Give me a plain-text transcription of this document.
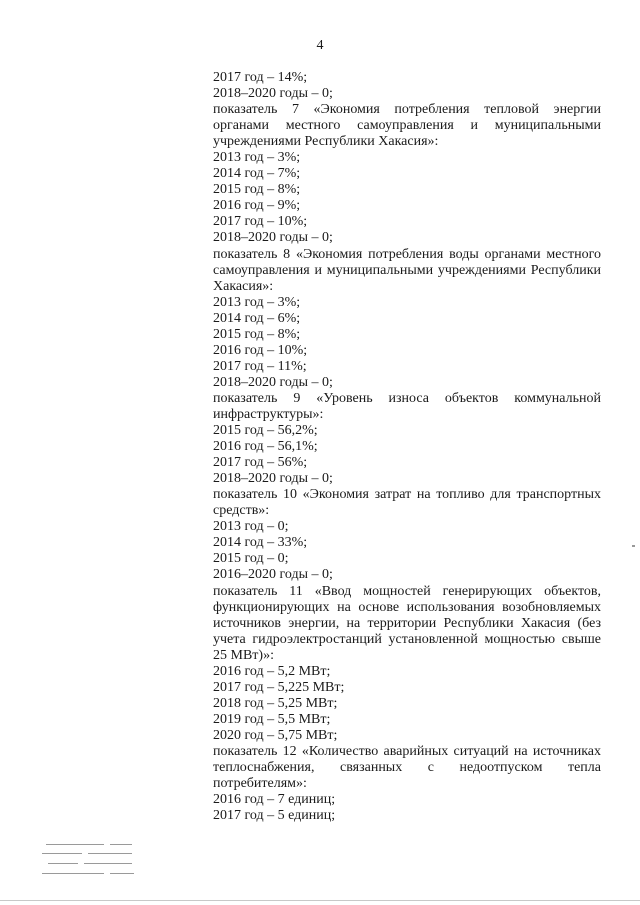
4
2017 год – 14%;
2018–2020 годы – 0;
показатель 7 «Экономия потребления тепловой энергии
органами местного самоуправления и муниципальными
учреждениями Республики Хакасия»:
2013 год – 3%;
2014 год – 7%;
2015 год – 8%;
2016 год – 9%;
2017 год – 10%;
2018–2020 годы – 0;
показатель 8 «Экономия потребления воды органами местного
самоуправления и муниципальными учреждениями Республики
Хакасия»:
2013 год – 3%;
2014 год – 6%;
2015 год – 8%;
2016 год – 10%;
2017 год – 11%;
2018–2020 годы – 0;
показатель 9 «Уровень износа объектов коммунальной
инфраструктуры»:
2015 год – 56,2%;
2016 год – 56,1%;
2017 год – 56%;
2018–2020 годы – 0;
показатель 10 «Экономия затрат на топливо для транспортных
средств»:
2013 год – 0;
2014 год – 33%;
2015 год – 0;
2016–2020 годы – 0;
показатель 11 «Ввод мощностей генерирующих объектов,
функционирующих на основе использования возобновляемых
источников энергии, на территории Республики Хакасия (без
учета гидроэлектростанций установленной мощностью свыше
25 МВт)»:
2016 год – 5,2 МВт;
2017 год – 5,225 МВт;
2018 год – 5,25 МВт;
2019 год – 5,5 МВт;
2020 год – 5,75 МВт;
показатель 12 «Количество аварийных ситуаций на источниках
теплоснабжения, связанных с недоотпуском тепла
потребителям»:
2016 год – 7 единиц;
2017 год – 5 единиц;
